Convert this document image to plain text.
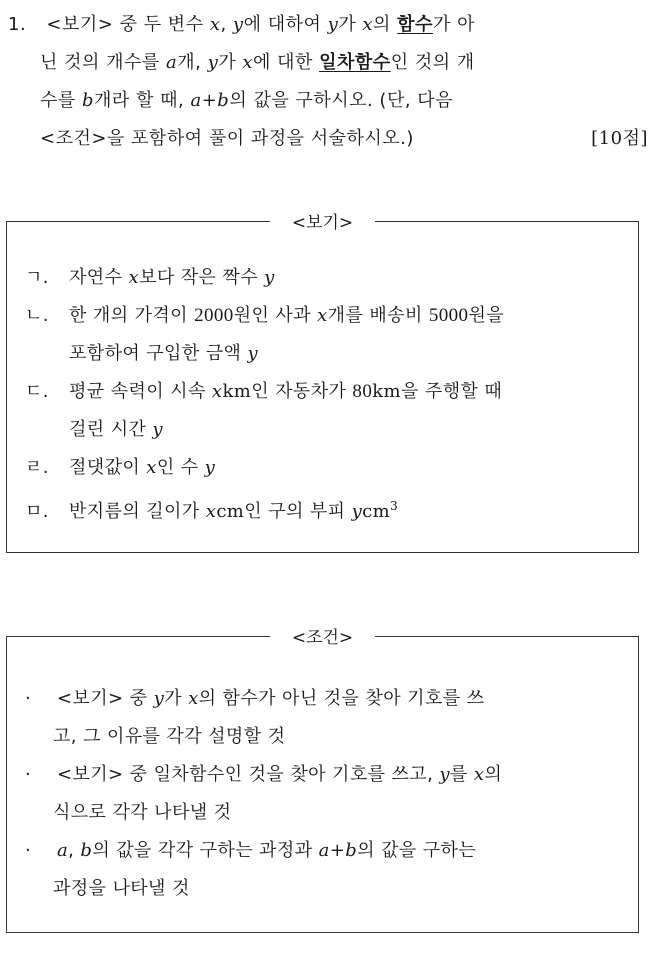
1. <보기> 중 두 변수 x, y에 대하여 y가 x의 함수가 아
닌 것의 개수를 a개, y가 x에 대한 일차함수인 것의 개
수를 b개라 할 때, a+b의 값을 구하시오. (단, 다음
<조건>을 포함하여 풀이 과정을 서술하시오.)	[10점]
<보기>
ㄱ. 자연수 x보다 작은 짝수 y
ㄴ. 한 개의 가격이 2000원인 사과 x개를 배송비 5000원을
포함하여 구입한 금액 y
ㄷ. 평균 속력이 시속 xkm인 자동차가 80km을 주행할 때
걸린 시간 y
ㄹ. 절댓값이 x인 수 y
ㅁ. 반지름의 길이가 xcm인 구의 부피 ycm$^3$
<조건>
· <보기> 중 y가 x의 함수가 아닌 것을 찾아 기호를 쓰
고, 그 이유를 각각 설명할 것
· <보기> 중 일차함수인 것을 찾아 기호를 쓰고, y를 x의
식으로 각각 나타낼 것
· a, b의 값을 각각 구하는 과정과 a+b의 값을 구하는
과정을 나타낼 것
